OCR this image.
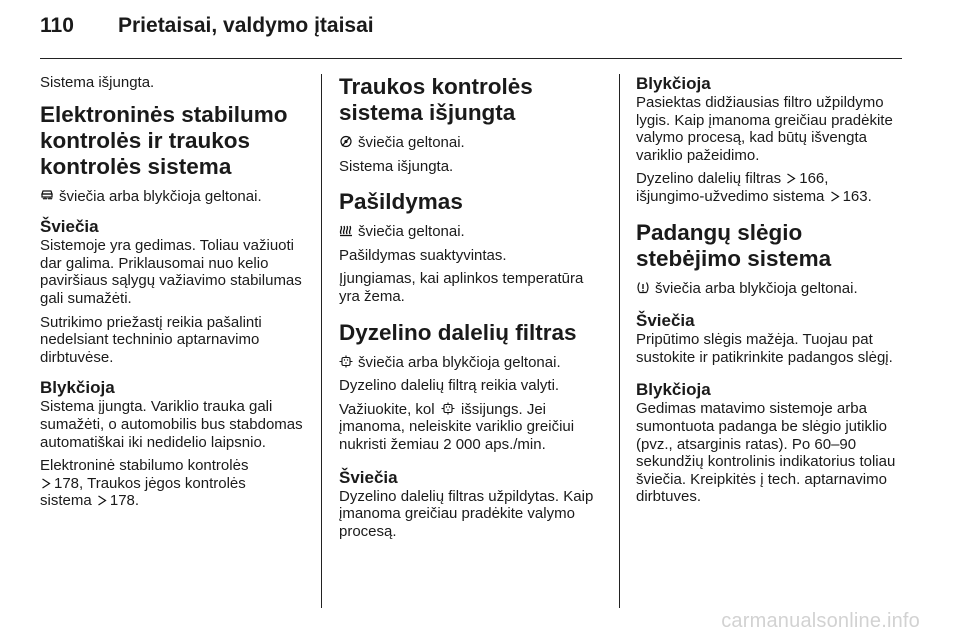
110	Prietaisai, valdymo įtaisai

Sistema išjungta.

Elektroninės stabilumo kontrolės ir traukos kontrolės sistema

šviečia arba blykčioja geltonai.

Šviečia

Sistemoje yra gedimas. Toliau važiuoti dar galima. Priklausomai nuo kelio paviršiaus sąlygų važiavimo stabilumas gali sumažėti.

Sutrikimo priežastį reikia pašalinti nedelsiant techninio aptarnavimo dirbtuvėse.

Blykčioja

Sistema įjungta. Variklio trauka gali sumažėti, o automobilis bus stabdomas automatiškai iki nedidelio laipsnio.

Elektroninė stabilumo kontrolės

178, Traukos jėgos kontrolės
sistema 178.

Traukos kontrolės sistema išjungta

šviečia geltonai.

Sistema išjungta.

Pašildymas

šviečia geltonai.

Pašildymas suaktyvintas.

Įjungiamas, kai aplinkos temperatūra yra žema.

Dyzelino dalelių filtras

šviečia arba blykčioja geltonai.

Dyzelino dalelių filtrą reikia valyti.

Važiuokite, kol išsijungs. Jei įmanoma, neleiskite variklio greičiui nukristi žemiau 2 000 aps./min.

Šviečia

Dyzelino dalelių filtras užpildytas. Kaip įmanoma greičiau pradėkite valymo procesą.

Blykčioja

Pasiektas didžiausias filtro užpildymo lygis. Kaip įmanoma greičiau pradėkite valymo procesą, kad būtų išvengta variklio pažeidimo.

Dyzelino dalelių filtras 166,
išjungimo-užvedimo sistema 163.

Padangų slėgio stebėjimo sistema

šviečia arba blykčioja geltonai.

Šviečia

Pripūtimo slėgis mažėja. Tuojau pat sustokite ir patikrinkite padangos slėgį.

Blykčioja

Gedimas matavimo sistemoje arba sumontuota padanga be slėgio jutiklio (pvz., atsarginis ratas). Po 60–90 sekundžių kontrolinis indikatorius toliau šviečia. Kreipkitės į tech. aptarnavimo dirbtuves.

carmanualsonline.info
